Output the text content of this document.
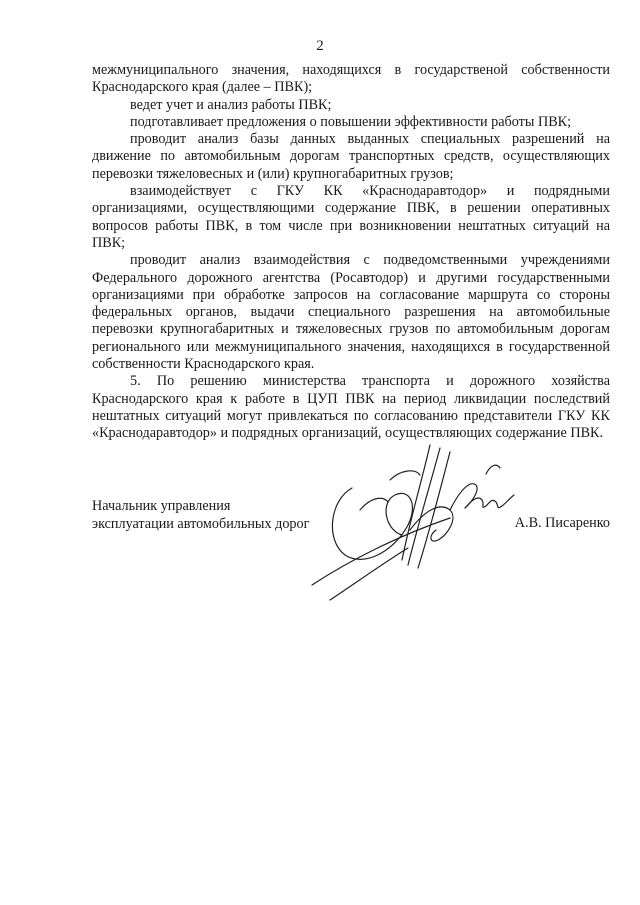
2

межмуниципального значения, находящихся в государственой собственности Краснодарского края (далее – ПВК);

ведет учет и анализ работы ПВК;

подготавливает предложения о повышении эффективности работы ПВК;

проводит анализ базы данных выданных специальных разрешений на движение по автомобильным дорогам транспортных средств, осуществляющих перевозки тяжеловесных и (или) крупногабаритных грузов;

взаимодействует с ГКУ КК «Краснодаравтодор» и подрядными организациями, осуществляющими содержание ПВК, в решении оперативных вопросов работы ПВК, в том числе при возникновении нештатных ситуаций на ПВК;

проводит анализ взаимодействия с подведомственными учреждениями Федерального дорожного агентства (Росавтодор) и другими государственными организациями при обработке запросов на согласование маршрута со стороны федеральных органов, выдачи специального разрешения на автомобильные перевозки крупногабаритных и тяжеловесных грузов по автомобильным дорогам регионального или межмуниципального значения, находящихся в государственной собственности Краснодарского края.

5. По решению министерства транспорта и дорожного хозяйства Краснодарского края к работе в ЦУП ПВК на период ликвидации последствий нештатных ситуаций могут привлекаться по согласованию представители ГКУ КК «Краснодаравтодор» и подрядных организаций, осуществляющих содержание ПВК.

Начальник управления
эксплуатации автомобильных дорог	А.В. Писаренко
